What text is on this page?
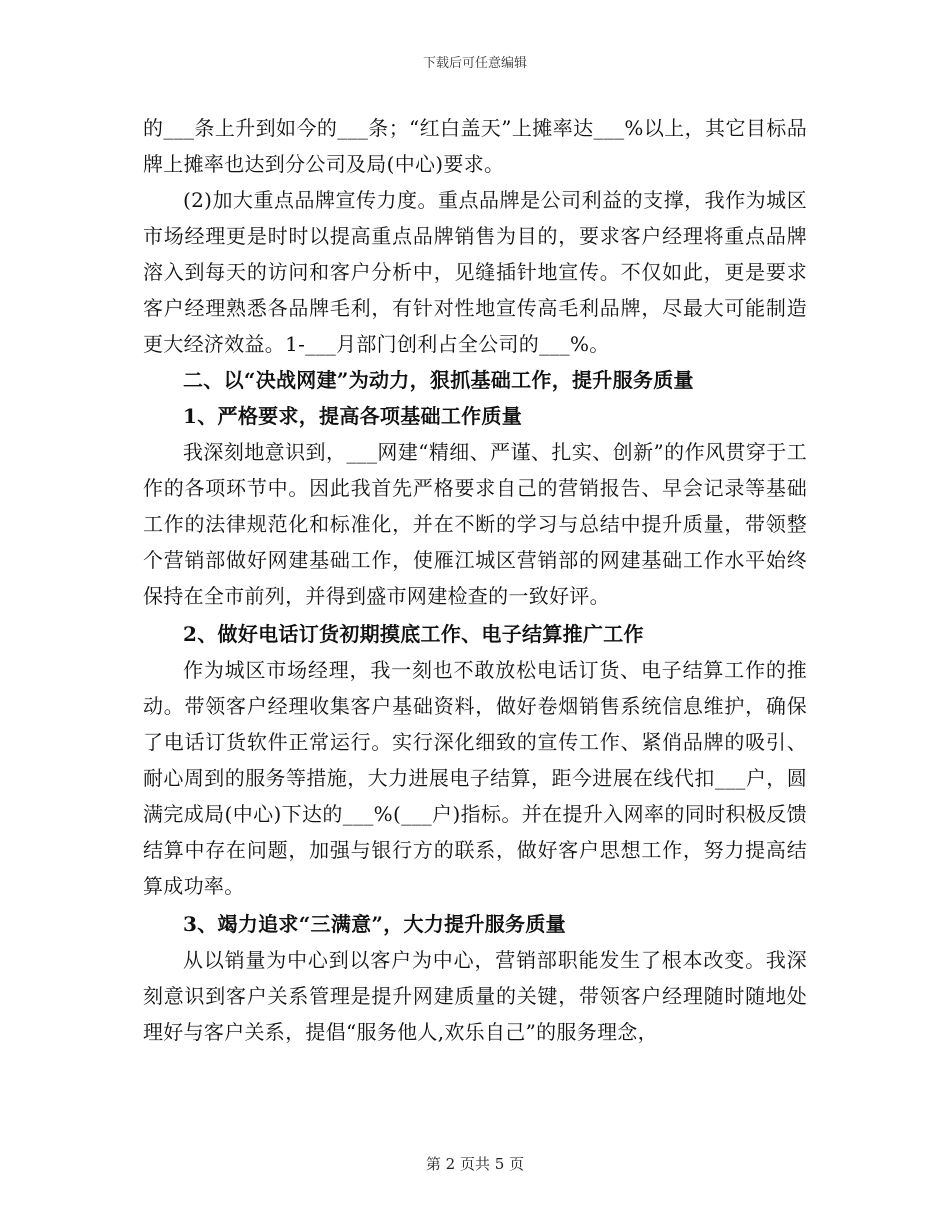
下载后可任意编辑

的___条上升到如今的___条；“红白盖天”上摊率达___%以上，其它目标品牌上摊率也达到分公司及局(中心)要求。

(2)加大重点品牌宣传力度。重点品牌是公司利益的支撑，我作为城区市场经理更是时时以提高重点品牌销售为目的，要求客户经理将重点品牌溶入到每天的访问和客户分析中，见缝插针地宣传。不仅如此，更是要求客户经理熟悉各品牌毛利，有针对性地宣传高毛利品牌，尽最大可能制造更大经济效益。1-___月部门创利占全公司的___%。

二、以“决战网建”为动力，狠抓基础工作，提升服务质量

1、严格要求，提高各项基础工作质量

我深刻地意识到，___网建“精细、严谨、扎实、创新”的作风贯穿于工作的各项环节中。因此我首先严格要求自己的营销报告、早会记录等基础工作的法律规范化和标准化，并在不断的学习与总结中提升质量，带领整个营销部做好网建基础工作，使雁江城区营销部的网建基础工作水平始终保持在全市前列，并得到盛市网建检查的一致好评。

2、做好电话订货初期摸底工作、电子结算推广工作

作为城区市场经理，我一刻也不敢放松电话订货、电子结算工作的推动。带领客户经理收集客户基础资料，做好卷烟销售系统信息维护，确保了电话订货软件正常运行。实行深化细致的宣传工作、紧俏品牌的吸引、耐心周到的服务等措施，大力进展电子结算，距今进展在线代扣___户，圆满完成局(中心)下达的___%(___户)指标。并在提升入网率的同时积极反馈结算中存在问题，加强与银行方的联系，做好客户思想工作，努力提高结算成功率。

3、竭力追求“三满意”，大力提升服务质量

从以销量为中心到以客户为中心，营销部职能发生了根本改变。我深刻意识到客户关系管理是提升网建质量的关键，带领客户经理随时随地处理好与客户关系，提倡“服务他人,欢乐自己”的服务理念，

第 2 页共 5 页
